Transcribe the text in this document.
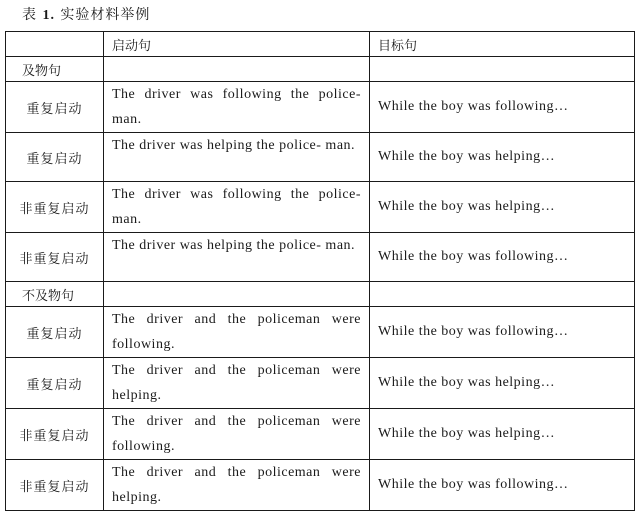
表 1. 实验材料举例
	启动句	目标句
及物句		
重复启动	The driver was following the police- man.	While the boy was following…
重复启动	The driver was helping the police- man.	While the boy was helping…
非重复启动	The driver was following the police- man.	While the boy was helping…
非重复启动	The driver was helping the police- man.	While the boy was following…
不及物句		
重复启动	The driver and the policeman were following.	While the boy was following…
重复启动	The driver and the policeman were helping.	While the boy was helping…
非重复启动	The driver and the policeman were following.	While the boy was helping…
非重复启动	The driver and the policeman were helping.	While the boy was following…
